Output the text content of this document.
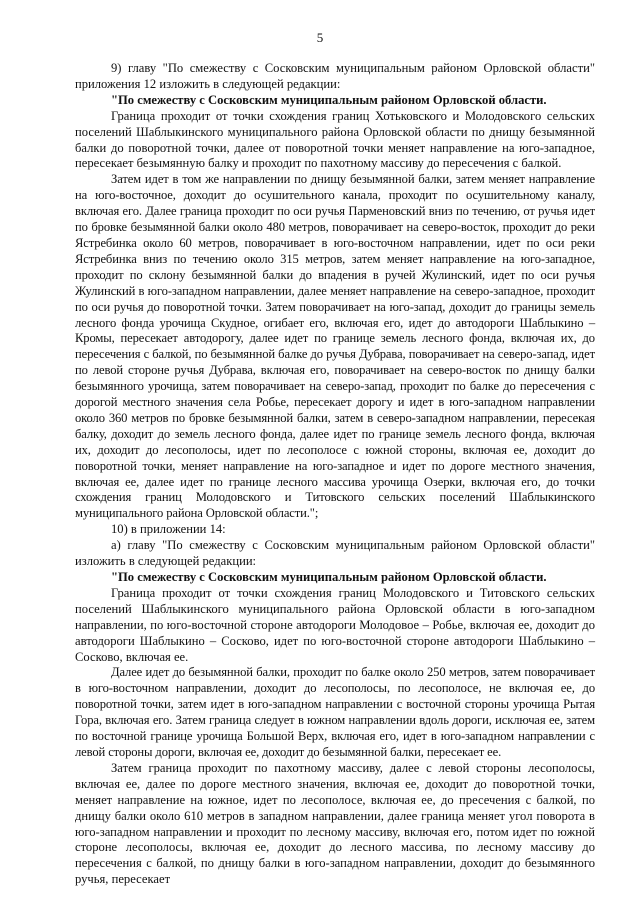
5

9) главу "По смежеству с Сосковским муниципальным районом Орловской области" приложения 12 изложить в следующей редакции:

"По смежеству с Сосковским муниципальным районом Орловской области.

Граница проходит от точки схождения границ Хотьковского и Молодовского сельских поселений Шаблыкинского муниципального района Орловской области по днищу безымянной балки до поворотной точки, далее от поворотной точки меняет направление на юго-западное, пересекает безымянную балку и проходит по пахотному массиву до пересечения с балкой.

Затем идет в том же направлении по днищу безымянной балки, затем меняет направление на юго-восточное, доходит до осушительного канала, проходит по осушительному каналу, включая его. Далее граница проходит по оси ручья Парменовский вниз по течению, от ручья идет по бровке безымянной балки около 480 метров, поворачивает на северо-восток, проходит до реки Ястребинка около 60 метров, поворачивает в юго-восточном направлении, идет по оси реки Ястребинка вниз по течению около 315 метров, затем меняет направление на юго-западное, проходит по склону безымянной балки до впадения в ручей Жулинский, идет по оси ручья Жулинский в юго-западном направлении, далее меняет направление на северо-западное, проходит по оси ручья до поворотной точки. Затем поворачивает на юго-запад, доходит до границы земель лесного фонда урочища Скудное, огибает его, включая его, идет до автодороги Шаблыкино – Кромы, пересекает автодорогу, далее идет по границе земель лесного фонда, включая их, до пересечения с балкой, по безымянной балке до ручья Дубрава, поворачивает на северо-запад, идет по левой стороне ручья Дубрава, включая его, поворачивает на северо-восток по днищу балки безымянного урочища, затем поворачивает на северо-запад, проходит по балке до пересечения с дорогой местного значения села Робье, пересекает дорогу и идет в юго-западном направлении около 360 метров по бровке безымянной балки, затем в северо-западном направлении, пересекая балку, доходит до земель лесного фонда, далее идет по границе земель лесного фонда, включая их, доходит до лесополосы, идет по лесополосе с южной стороны, включая ее, доходит до поворотной точки, меняет направление на юго-западное и идет по дороге местного значения, включая ее, далее идет по границе лесного массива урочища Озерки, включая его, до точки схождения границ Молодовского и Титовского сельских поселений Шаблыкинского муниципального района Орловской области.";

10) в приложении 14:

а) главу "По смежеству с Сосковским муниципальным районом Орловской области" изложить в следующей редакции:

"По смежеству с Сосковским муниципальным районом Орловской области.

Граница проходит от точки схождения границ Молодовского и Титовского сельских поселений Шаблыкинского муниципального района Орловской области в юго-западном направлении, по юго-восточной стороне автодороги Молодовое – Робье, включая ее, доходит до автодороги Шаблыкино – Сосково, идет по юго-восточной стороне автодороги Шаблыкино – Сосково, включая ее.

Далее идет до безымянной балки, проходит по балке около 250 метров, затем поворачивает в юго-восточном направлении, доходит до лесополосы, по лесополосе, не включая ее, до поворотной точки, затем идет в юго-западном направлении с восточной стороны урочища Рытая Гора, включая его. Затем граница следует в южном направлении вдоль дороги, исключая ее, затем по восточной границе урочища Большой Верх, включая его, идет в юго-западном направлении с левой стороны дороги, включая ее, доходит до безымянной балки, пересекает ее.

Затем граница проходит по пахотному массиву, далее с левой стороны лесополосы, включая ее, далее по дороге местного значения, включая ее, доходит до поворотной точки, меняет направление на южное, идет по лесополосе, включая ее, до пресечения с балкой, по днищу балки около 610 метров в западном направлении, далее граница меняет угол поворота в юго-западном направлении и проходит по лесному массиву, включая его, потом идет по южной стороне лесополосы, включая ее, доходит до лесного массива, по лесному массиву до пересечения с балкой, по днищу балки в юго-западном направлении, доходит до безымянного ручья, пересекает
